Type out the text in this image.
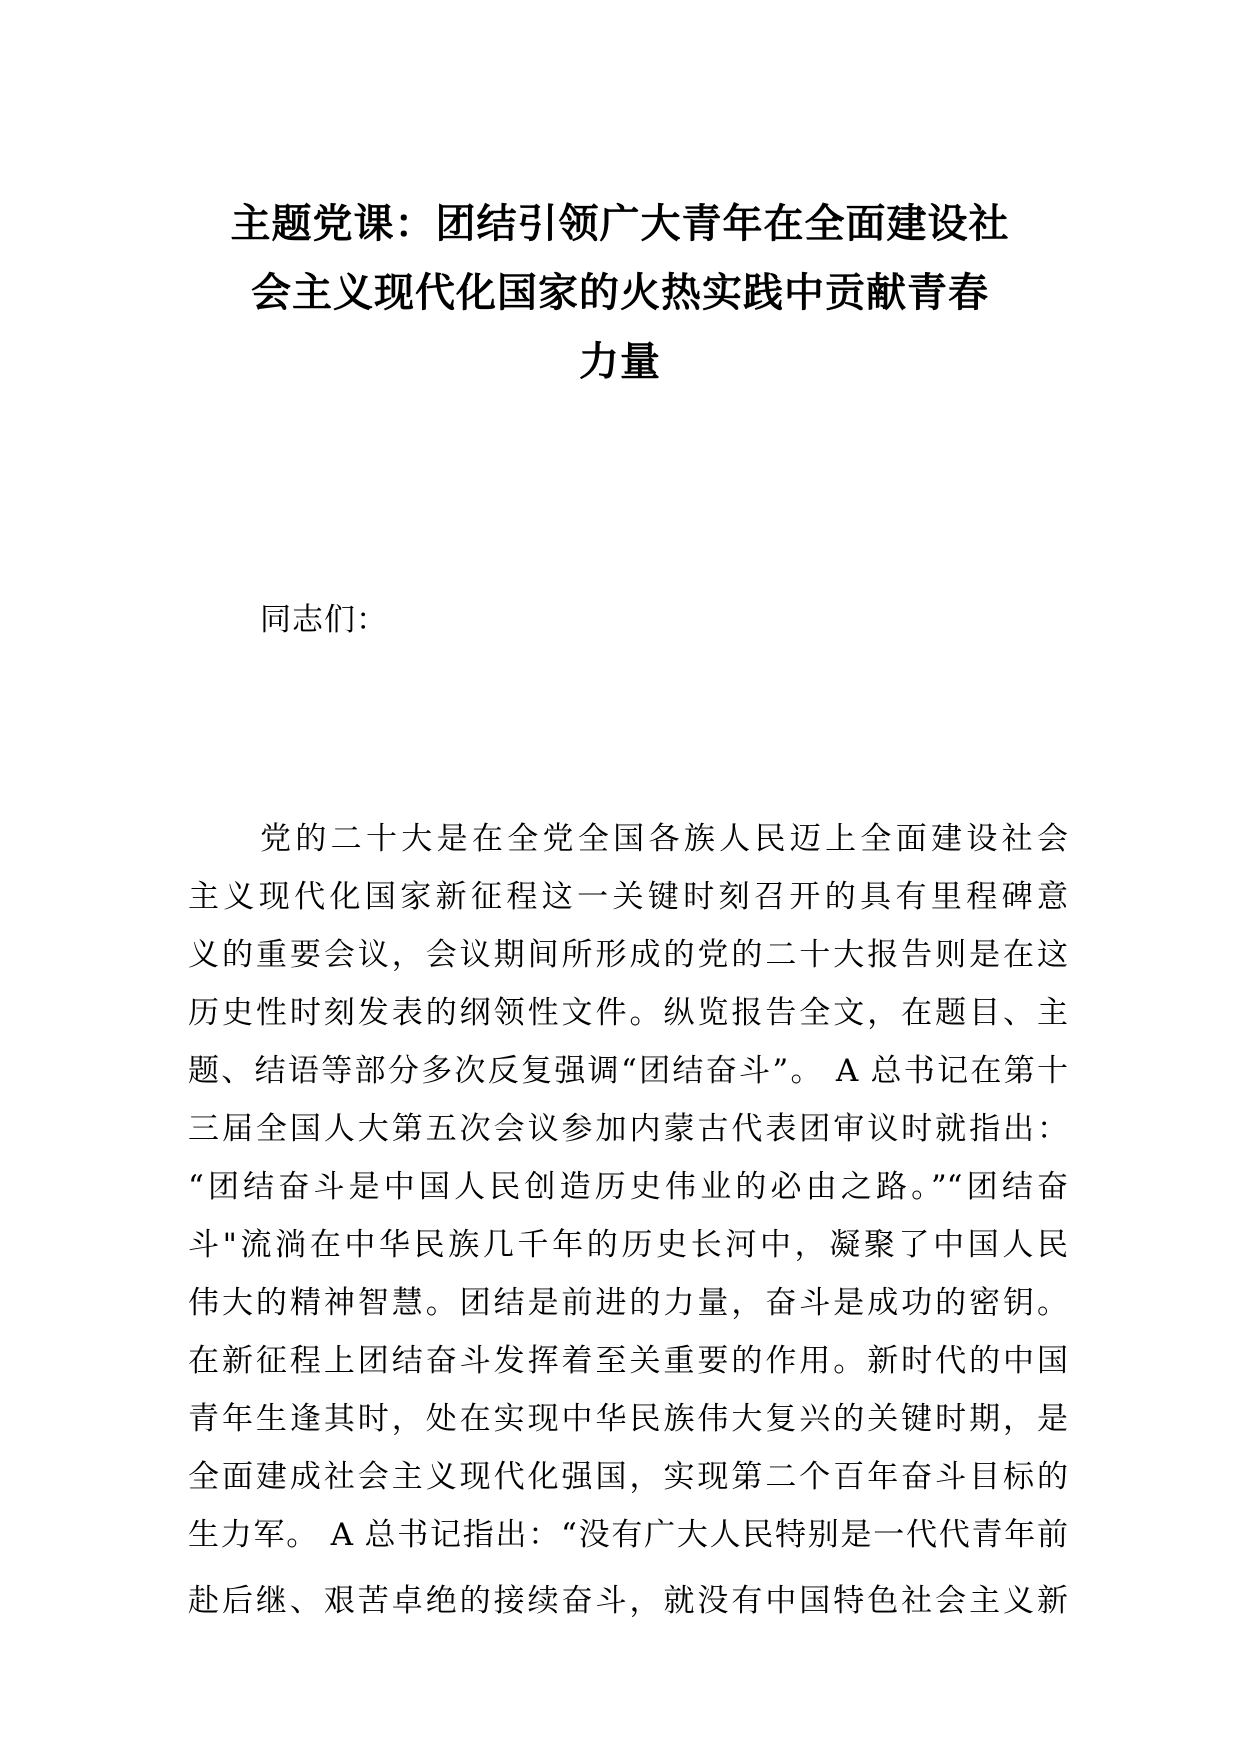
主题党课：团结引领广大青年在全面建设社
会主义现代化国家的火热实践中贡献青春
力量
同志们：
党的二十大是在全党全国各族人民迈上全面建设社会
主义现代化国家新征程这一关键时刻召开的具有里程碑意
义的重要会议，会议期间所形成的党的二十大报告则是在这
历史性时刻发表的纲领性文件。纵览报告全文，在题目、主
题、结语等部分多次反复强调“团结奋斗”。 A 总书记在第十
三届全国人大第五次会议参加内蒙古代表团审议时就指出：
“团结奋斗是中国人民创造历史伟业的必由之路。”“团结奋
斗"流淌在中华民族几千年的历史长河中，凝聚了中国人民
伟大的精神智慧。团结是前进的力量，奋斗是成功的密钥。
在新征程上团结奋斗发挥着至关重要的作用。新时代的中国
青年生逢其时，处在实现中华民族伟大复兴的关键时期，是
全面建成社会主义现代化强国，实现第二个百年奋斗目标的
生力军。 A 总书记指出：“没有广大人民特别是一代代青年前
赴后继、艰苦卓绝的接续奋斗，就没有中国特色社会主义新
